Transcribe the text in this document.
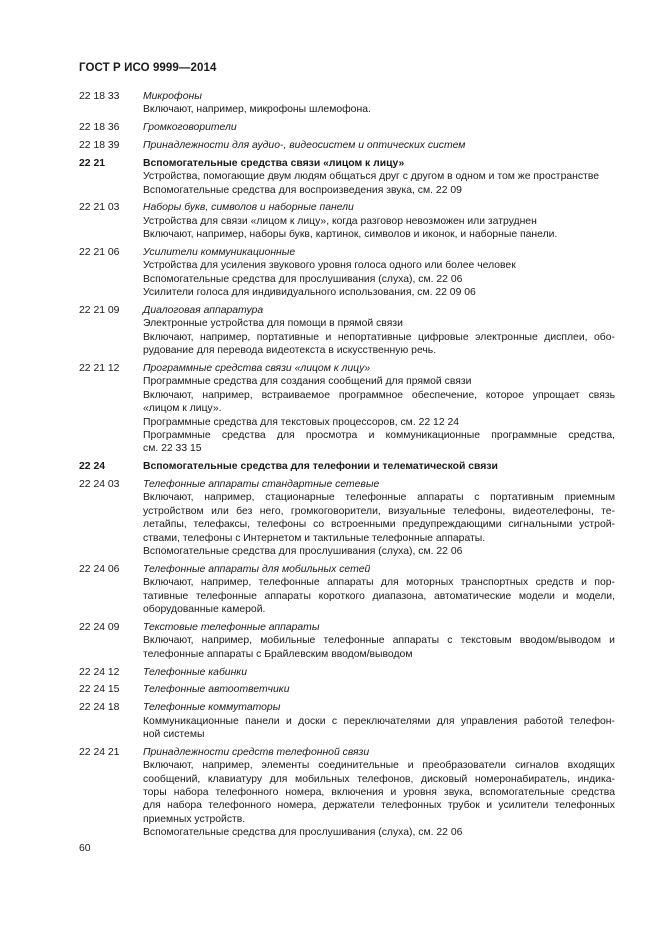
ГОСТ Р ИСО 9999—2014
22 18 33	Микрофоны
Включают, например, микрофоны шлемофона.
22 18 36	Громкоговорители
22 18 39	Принадлежности для аудио-, видеосистем и оптических систем
22 21	Вспомогательные средства связи «лицом к лицу»
Устройства, помогающие двум людям общаться друг с другом в одном и том же пространстве
Вспомогательные средства для воспроизведения звука, см. 22 09
22 21 03	Наборы букв, символов и наборные панели
Устройства для связи «лицом к лицу», когда разговор невозможен или затруднен
Включают, например, наборы букв, картинок, символов и иконок, и наборные панели.
22 21 06	Усилители коммуникационные
Устройства для усиления звукового уровня голоса одного или более человек
Вспомогательные средства для прослушивания (слуха), см. 22 06
Усилители голоса для индивидуального использования, см. 22 09 06
22 21 09	Диалоговая аппаратура
Электронные устройства для помощи в прямой связи
Включают, например, портативные и непортативные цифровые электронные дисплеи, обо-
рудование для перевода видеотекста в искусственную речь.
22 21 12	Программные средства связи «лицом к лицу»
Программные средства для создания сообщений для прямой связи
Включают, например, встраиваемое программное обеспечение, которое упрощает связь
«лицом к лицу».
Программные средства для текстовых процессоров, см. 22 12 24
Программные средства для просмотра и коммуникационные программные средства,
см. 22 33 15
22 24	Вспомогательные средства для телефонии и телематической связи
22 24 03	Телефонные аппараты стандартные сетевые
Включают, например, стационарные телефонные аппараты с портативным приемным
устройством или без него, громкоговорители, визуальные телефоны, видеотелефоны, те-
летайпы, телефаксы, телефоны со встроенными предупреждающими сигнальными устрой-
ствами, телефоны с Интернетом и тактильные телефонные аппараты.
Вспомогательные средства для прослушивания (слуха), см. 22 06
22 24 06	Телефонные аппараты для мобильных сетей
Включают, например, телефонные аппараты для моторных транспортных средств и пор-
тативные телефонные аппараты короткого диапазона, автоматические модели и модели,
оборудованные камерой.
22 24 09	Текстовые телефонные аппараты
Включают, например, мобильные телефонные аппараты с текстовым вводом/выводом и
телефонные аппараты с Брайлевским вводом/выводом
22 24 12	Телефонные кабинки
22 24 15	Телефонные автоответчики
22 24 18	Телефонные коммутаторы
Коммуникационные панели и доски с переключателями для управления работой телефон-
ной системы
22 24 21	Принадлежности средств телефонной связи
Включают, например, элементы соединительные и преобразователи сигналов входящих
сообщений, клавиатуру для мобильных телефонов, дисковый номеронабиратель, индика-
торы набора телефонного номера, включения и уровня звука, вспомогательные средства
для набора телефонного номера, держатели телефонных трубок и усилители телефонных
приемных устройств.
Вспомогательные средства для прослушивания (слуха), см. 22 06
60
